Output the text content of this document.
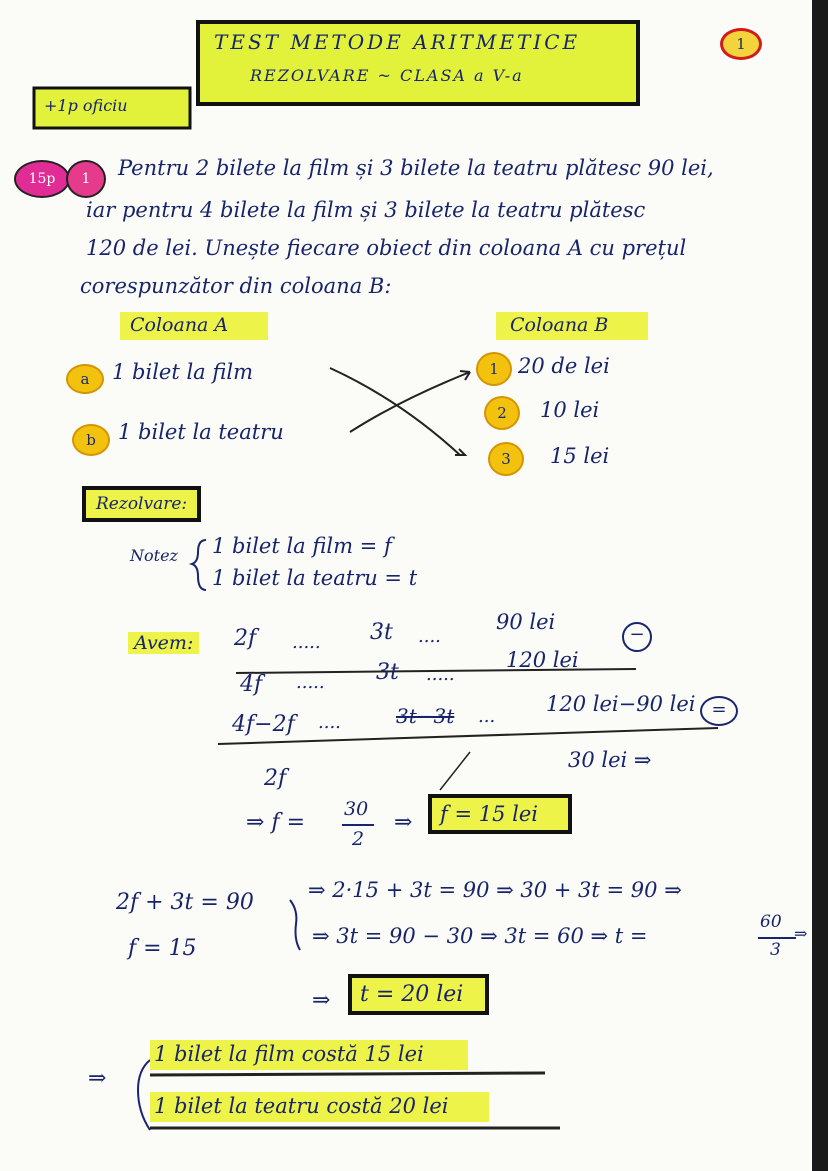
TEST METODE ARITMETICE
REZOLVARE ~ CLASA a V-a
1
+1p oficiu
15p	1	Pentru 2 bilete la film și 3 bilete la teatru plătesc 90 lei,
iar pentru 4 bilete la film și 3 bilete la teatru plătesc
120 de lei. Unește fiecare obiect din coloana A cu prețul
corespunzător din coloana B:
Coloana A	Coloana B
a	1 bilet la film
b	1 bilet la teatru
1 20 de lei
2	10 lei
3	15 lei
Rezolvare:
Notez 1 bilet la film = f
1 bilet la teatru = t
Avem: 2f ..... 3t ....
90 lei
−
4f ..... 3t .....
120 lei
4f−2f ....	3t−3t ...
120 lei−90 lei =
2f
30 lei ⇒
⇒ f =
30
2
⇒	f = 15 lei
2f + 3t = 90
f = 15
⇒ 2·15 + 3t = 90 ⇒ 30 + 3t = 90 ⇒
⇒ 3t = 90 − 30 ⇒ 3t = 60 ⇒ t =
60
3
⇒
⇒	t = 20 lei
⇒
1 bilet la film costă 15 lei
1 bilet la teatru costă 20 lei
